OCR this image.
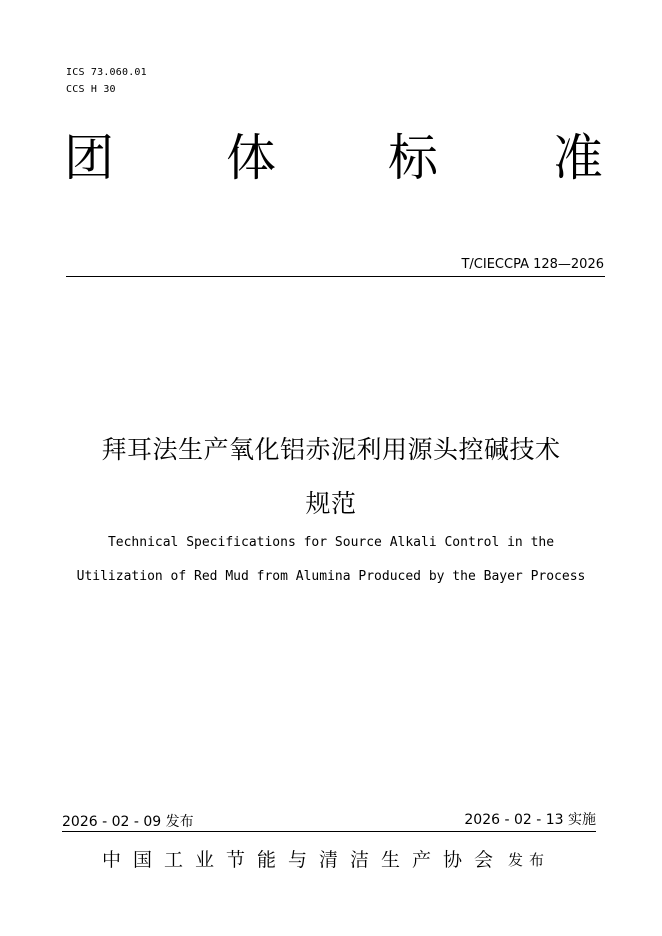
ICS 73.060.01
CCS H 30
团 体 标 准
T/CIECCPA 128—2026
拜耳法生产氧化铝赤泥利用源头控碱技术
规范
Technical Specifications for Source Alkali Control in the
Utilization of Red Mud from Alumina Produced by the Bayer Process
2026 - 02 - 09 发布	2026 - 02 - 13 实施
中国工业节能与清洁生产协会 发布
